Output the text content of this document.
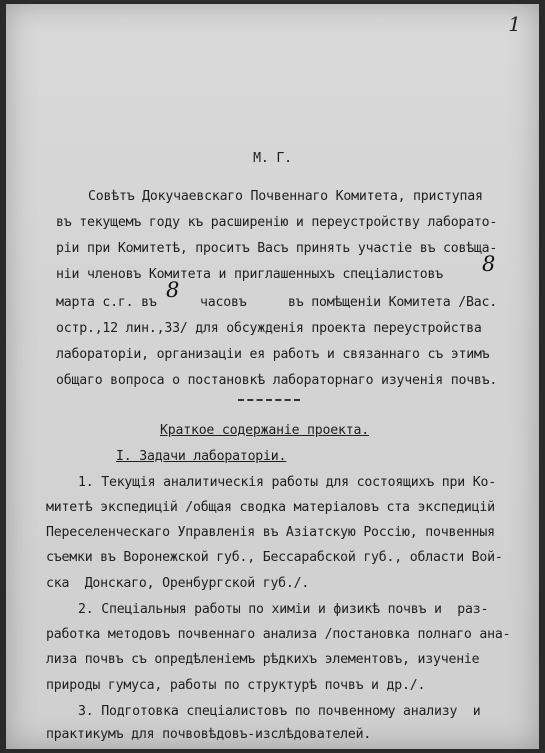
1
М. Г.
Совѣтъ Докучаевскаго Почвеннаго Комитета, приступая
въ текущемъ году къ расширенію и переустройству лаборато-
ріи при Комитетѣ, проситъ Васъ принять участіе въ совѣща-
ніи членовъ Комитета и приглашенныхъ спеціалистовъ	8
марта с.г. въ
8
часовъ	въ помѣщеніи Комитета /Вас.
остр.,12 лин.,33/ для обсужденія проекта переустройства
лабораторіи, организаціи ея работъ и связаннаго съ этимъ
общаго вопроса о постановкѣ лабораторнаго изученія почвъ.
Краткое содержаніе проекта.
I. Задачи лабораторіи.
1. Текущія аналитическія работы для состоящихъ при Ко-
митетѣ экспедицій /общая сводка матеріаловъ ста экспедицій
Переселенческаго Управленія въ Азіатскую Россію, почвенныя
съемки въ Воронежской губ., Бессарабской губ., области Вой-
ска  Донскаго, Оренбургской губ./.
2. Спеціальныя работы по химіи и физикѣ почвъ и  раз-
работка методовъ почвеннаго анализа /постановка полнаго ана-
лиза почвъ съ опредѣленіемъ рѣдкихъ элементовъ, изученіе
природы гумуса, работы по структурѣ почвъ и др./.
3. Подготовка спеціалистовъ по почвенному анализу  и
практикумъ для почвовѣдовъ-изслѣдователей.
